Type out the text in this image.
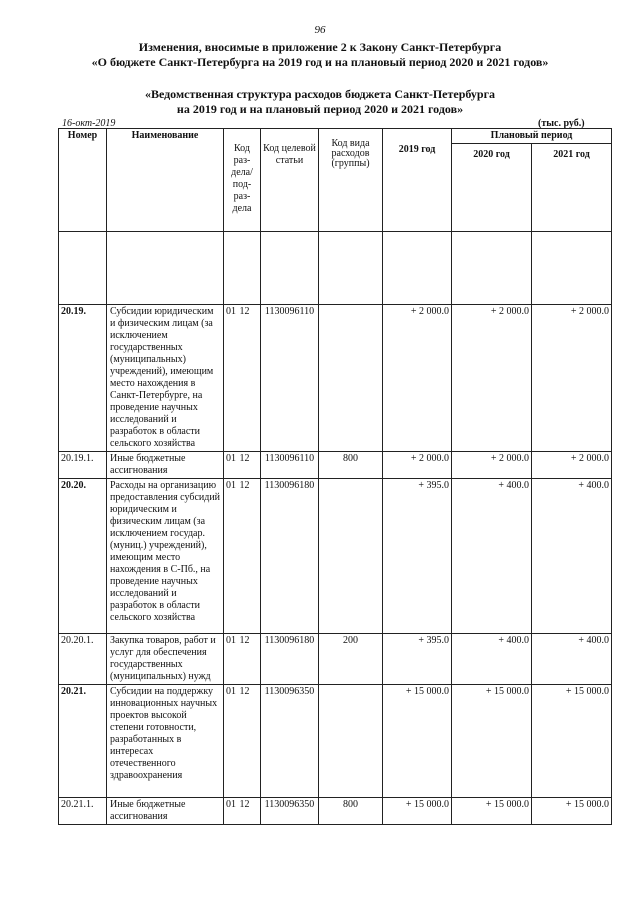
96
Изменения, вносимые в приложение 2 к Закону Санкт-Петербурга
«О бюджете Санкт-Петербурга на 2019 год и на плановый период 2020 и 2021 годов»
«Ведомственная структура расходов бюджета Санкт-Петербурга
на 2019 год и на плановый период 2020 и 2021 годов»
16-окт-2019	(тыс. руб.)
Номер	Наименование	Код раз- дела/ под- раз- дела	Код целевой статьи	Код вида расходов (группы)	2019 год	Плановый период	
						2020 год	2021 год

20.19.	Субсидии юридическим и физическим лицам (за исключением государственных (муниципальных) учреждений), имеющим место нахождения в Санкт-Петербурге, на проведение научных исследований и разработок в области сельского хозяйства	01 12	1130096110		+ 2 000.0	+ 2 000.0	+ 2 000.0
20.19.1.	Иные бюджетные ассигнования	01 12	1130096110	800	+ 2 000.0	+ 2 000.0	+ 2 000.0
20.20.	Расходы на организацию предоставления субсидий юридическим и физическим лицам (за исключением государ. (муниц.) учреждений), имеющим место нахождения в С-Пб., на проведение научных исследований и разработок в области сельского хозяйства	01 12	1130096180		+ 395.0	+ 400.0	+ 400.0
20.20.1.	Закупка товаров, работ и услуг для обеспечения государственных (муниципальных) нужд	01 12	1130096180	200	+ 395.0	+ 400.0	+ 400.0
20.21.	Субсидии на поддержку инновационных научных проектов высокой степени готовности, разработанных в интересах отечественного здравоохранения	01 12	1130096350		+ 15 000.0	+ 15 000.0	+ 15 000.0
20.21.1.	Иные бюджетные ассигнования	01 12	1130096350	800	+ 15 000.0	+ 15 000.0	+ 15 000.0
